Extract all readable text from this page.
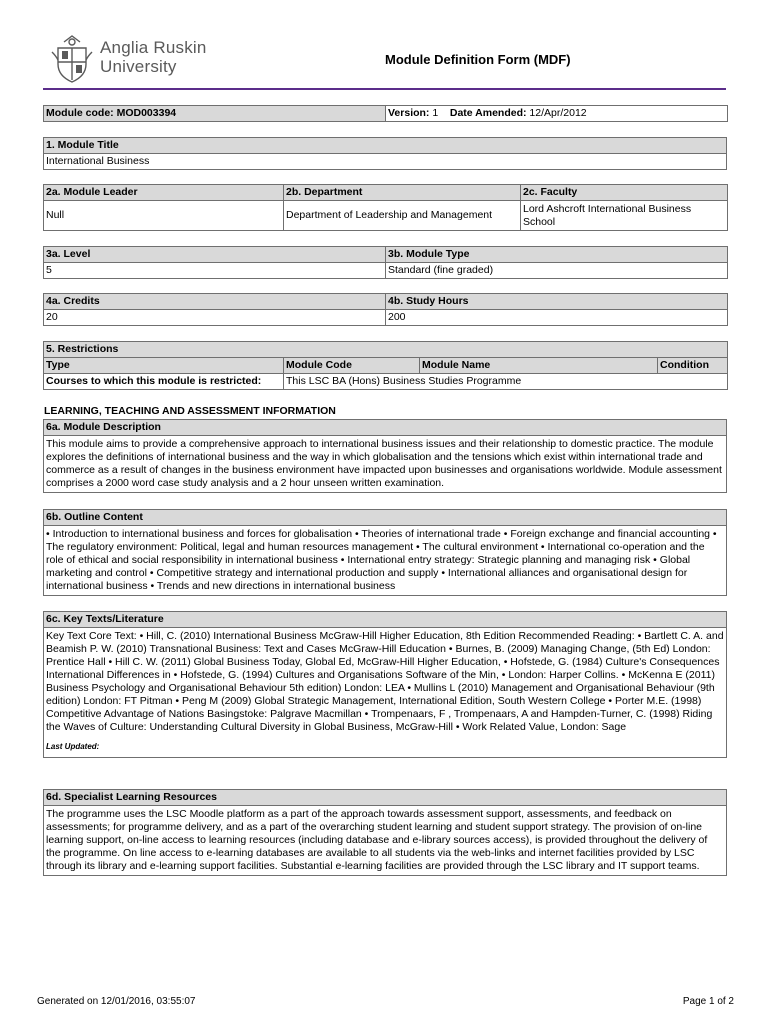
Anglia Ruskin
University	Module Definition Form (MDF)
Module code: MOD003394	Version: 1 Date Amended: 12/Apr/2012
1. Module Title
International Business
2a. Module Leader	2b. Department	2c. Faculty
Null	Department of Leadership and Management	Lord Ashcroft International Business School
3a. Level	3b. Module Type
5	Standard (fine graded)
4a. Credits	4b. Study Hours
20	200
5. Restrictions			
Type	Module Code	Module Name	Condition
Courses to which this module is restricted:	This LSC BA (Hons) Business Studies Programme		
LEARNING, TEACHING AND ASSESSMENT INFORMATION
6a. Module Description
This module aims to provide a comprehensive approach to international business issues and their relationship to domestic practice. The module explores the definitions of international business and the way in which globalisation and the tensions which exist within international trade and commerce as a result of changes in the business environment have impacted upon businesses and organisations worldwide. Module assessment comprises a 2000 word case study analysis and a 2 hour unseen written examination.
6b. Outline Content
• Introduction to international business and forces for globalisation • Theories of international trade • Foreign exchange and financial accounting • The regulatory environment: Political, legal and human resources management • The cultural environment • International co-operation and the role of ethical and social responsibility in international business • International entry strategy: Strategic planning and managing risk • Global marketing and control • Competitive strategy and international production and supply • International alliances and organisational design for international business • Trends and new directions in international business
6c. Key Texts/Literature
Key Text Core Text: • Hill, C. (2010) International Business McGraw-Hill Higher Education, 8th Edition Recommended Reading: • Bartlett C. A. and Beamish P. W. (2010) Transnational Business: Text and Cases McGraw-Hill Education • Burnes, B. (2009) Managing Change, (5th Ed) London: Prentice Hall • Hill C. W. (2011) Global Business Today, Global Ed, McGraw-Hill Higher Education, • Hofstede, G. (1984) Culture's Consequences International Differences in • Hofstede, G. (1994) Cultures and Organisations Software of the Min, • London: Harper Collins. • McKenna E (2011) Business Psychology and Organisational Behaviour 5th edition) London: LEA • Mullins L (2010) Management and Organisational Behaviour (9th edition) London: FT Pitman • Peng M (2009) Global Strategic Management, International Edition, South Western College • Porter M.E. (1998) Competitive Advantage of Nations Basingstoke: Palgrave Macmillan • Trompenaars, F , Trompenaars, A and Hampden-Turner, C. (1998) Riding the Waves of Culture: Understanding Cultural Diversity in Global Business, McGraw-Hill • Work Related Value, London: Sage
Last Updated:
6d. Specialist Learning Resources
The programme uses the LSC Moodle platform as a part of the approach towards assessment support, assessments, and feedback on assessments; for programme delivery, and as a part of the overarching student learning and student support strategy. The provision of on-line learning support, on-line access to learning resources (including database and e-library sources access), is provided throughout the delivery of the programme. On line access to e-learning databases are available to all students via the web-links and internet facilities provided by LSC through its library and e-learning support facilities. Substantial e-learning facilities are provided through the LSC library and IT support teams.
Generated on 12/01/2016, 03:55:07	Page 1 of 2
